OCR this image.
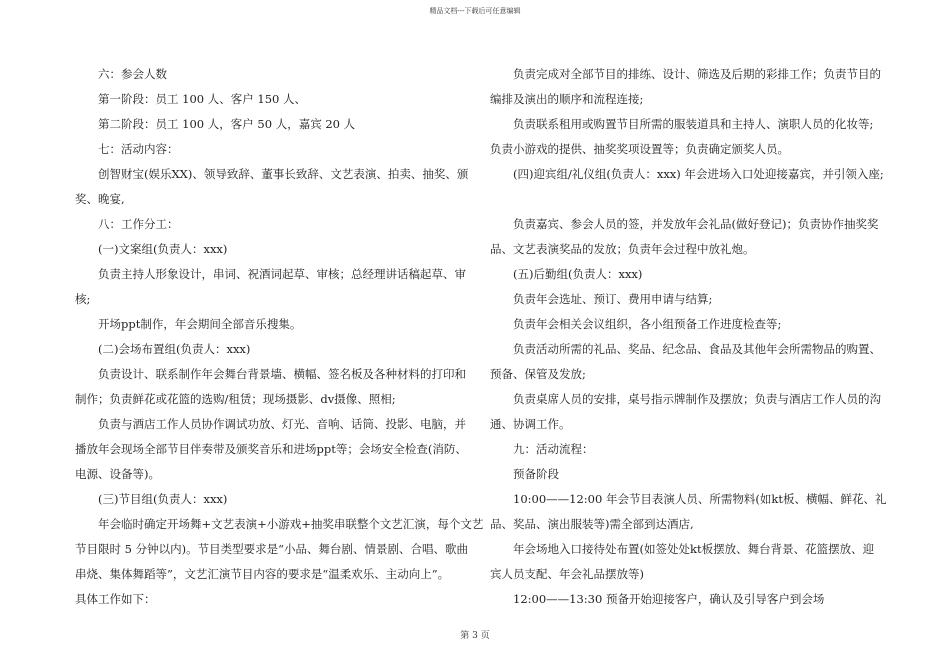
精品文档---下载后可任意编辑

六：参会人数

第一阶段：员工 100 人、客户 150 人、

第二阶段：员工 100 人，客户 50 人，嘉宾 20 人

七：活动内容：

创智财宝(娱乐XX)、领导致辞、董事长致辞、文艺表演、拍卖、抽奖、颁

奖、晚宴,

八：工作分工：

(一)文案组(负责人：xxx)

负责主持人形象设计，串词、祝酒词起草、审核；总经理讲话稿起草、审

核;

开场ppt制作，年会期间全部音乐搜集。

(二)会场布置组(负责人：xxx)

负责设计、联系制作年会舞台背景墙、横幅、签名板及各种材料的打印和

制作；负责鲜花或花篮的选购/租赁；现场摄影、dv摄像、照相;

负责与酒店工作人员协作调试功放、灯光、音响、话筒、投影、电脑，并

播放年会现场全部节目伴奏带及颁奖音乐和进场ppt等；会场安全检查(消防、

电源、设备等)。

(三)节目组(负责人：xxx)

年会临时确定开场舞+文艺表演+小游戏+抽奖串联整个文艺汇演，每个文艺

节目限时 5 分钟以内)。节目类型要求是“小品、舞台剧、情景剧、合唱、歌曲

串烧、集体舞蹈等”，文艺汇演节目内容的要求是“温柔欢乐、主动向上”。

具体工作如下：

负责完成对全部节目的排练、设计、筛选及后期的彩排工作；负责节目的

编排及演出的顺序和流程连接;

负责联系租用或购置节目所需的服装道具和主持人、演职人员的化妆等;

负责小游戏的提供、抽奖奖项设置等；负责确定颁奖人员。

(四)迎宾组/礼仪组(负责人：xxx) 年会进场入口处迎接嘉宾，并引领入座;

负责嘉宾、参会人员的签，并发放年会礼品(做好登记)；负责协作抽奖奖

品、文艺表演奖品的发放；负责年会过程中放礼炮。

(五)后勤组(负责人：xxx)

负责年会选址、预订、费用申请与结算;

负责年会相关会议组织，各小组预备工作进度检查等;

负责活动所需的礼品、奖品、纪念品、食品及其他年会所需物品的购置、

预备、保管及发放;

负责桌席人员的安排，桌号指示牌制作及摆放；负责与酒店工作人员的沟

通、协调工作。

九：活动流程：

预备阶段

10:00——12:00 年会节目表演人员、所需物料(如kt板、横幅、鲜花、礼

品、奖品、演出服装等)需全部到达酒店,

年会场地入口接待处布置(如签处处kt板摆放、舞台背景、花篮摆放、迎

宾人员支配、年会礼品摆放等)

12:00——13:30 预备开始迎接客户，确认及引导客户到会场

第 3 页
